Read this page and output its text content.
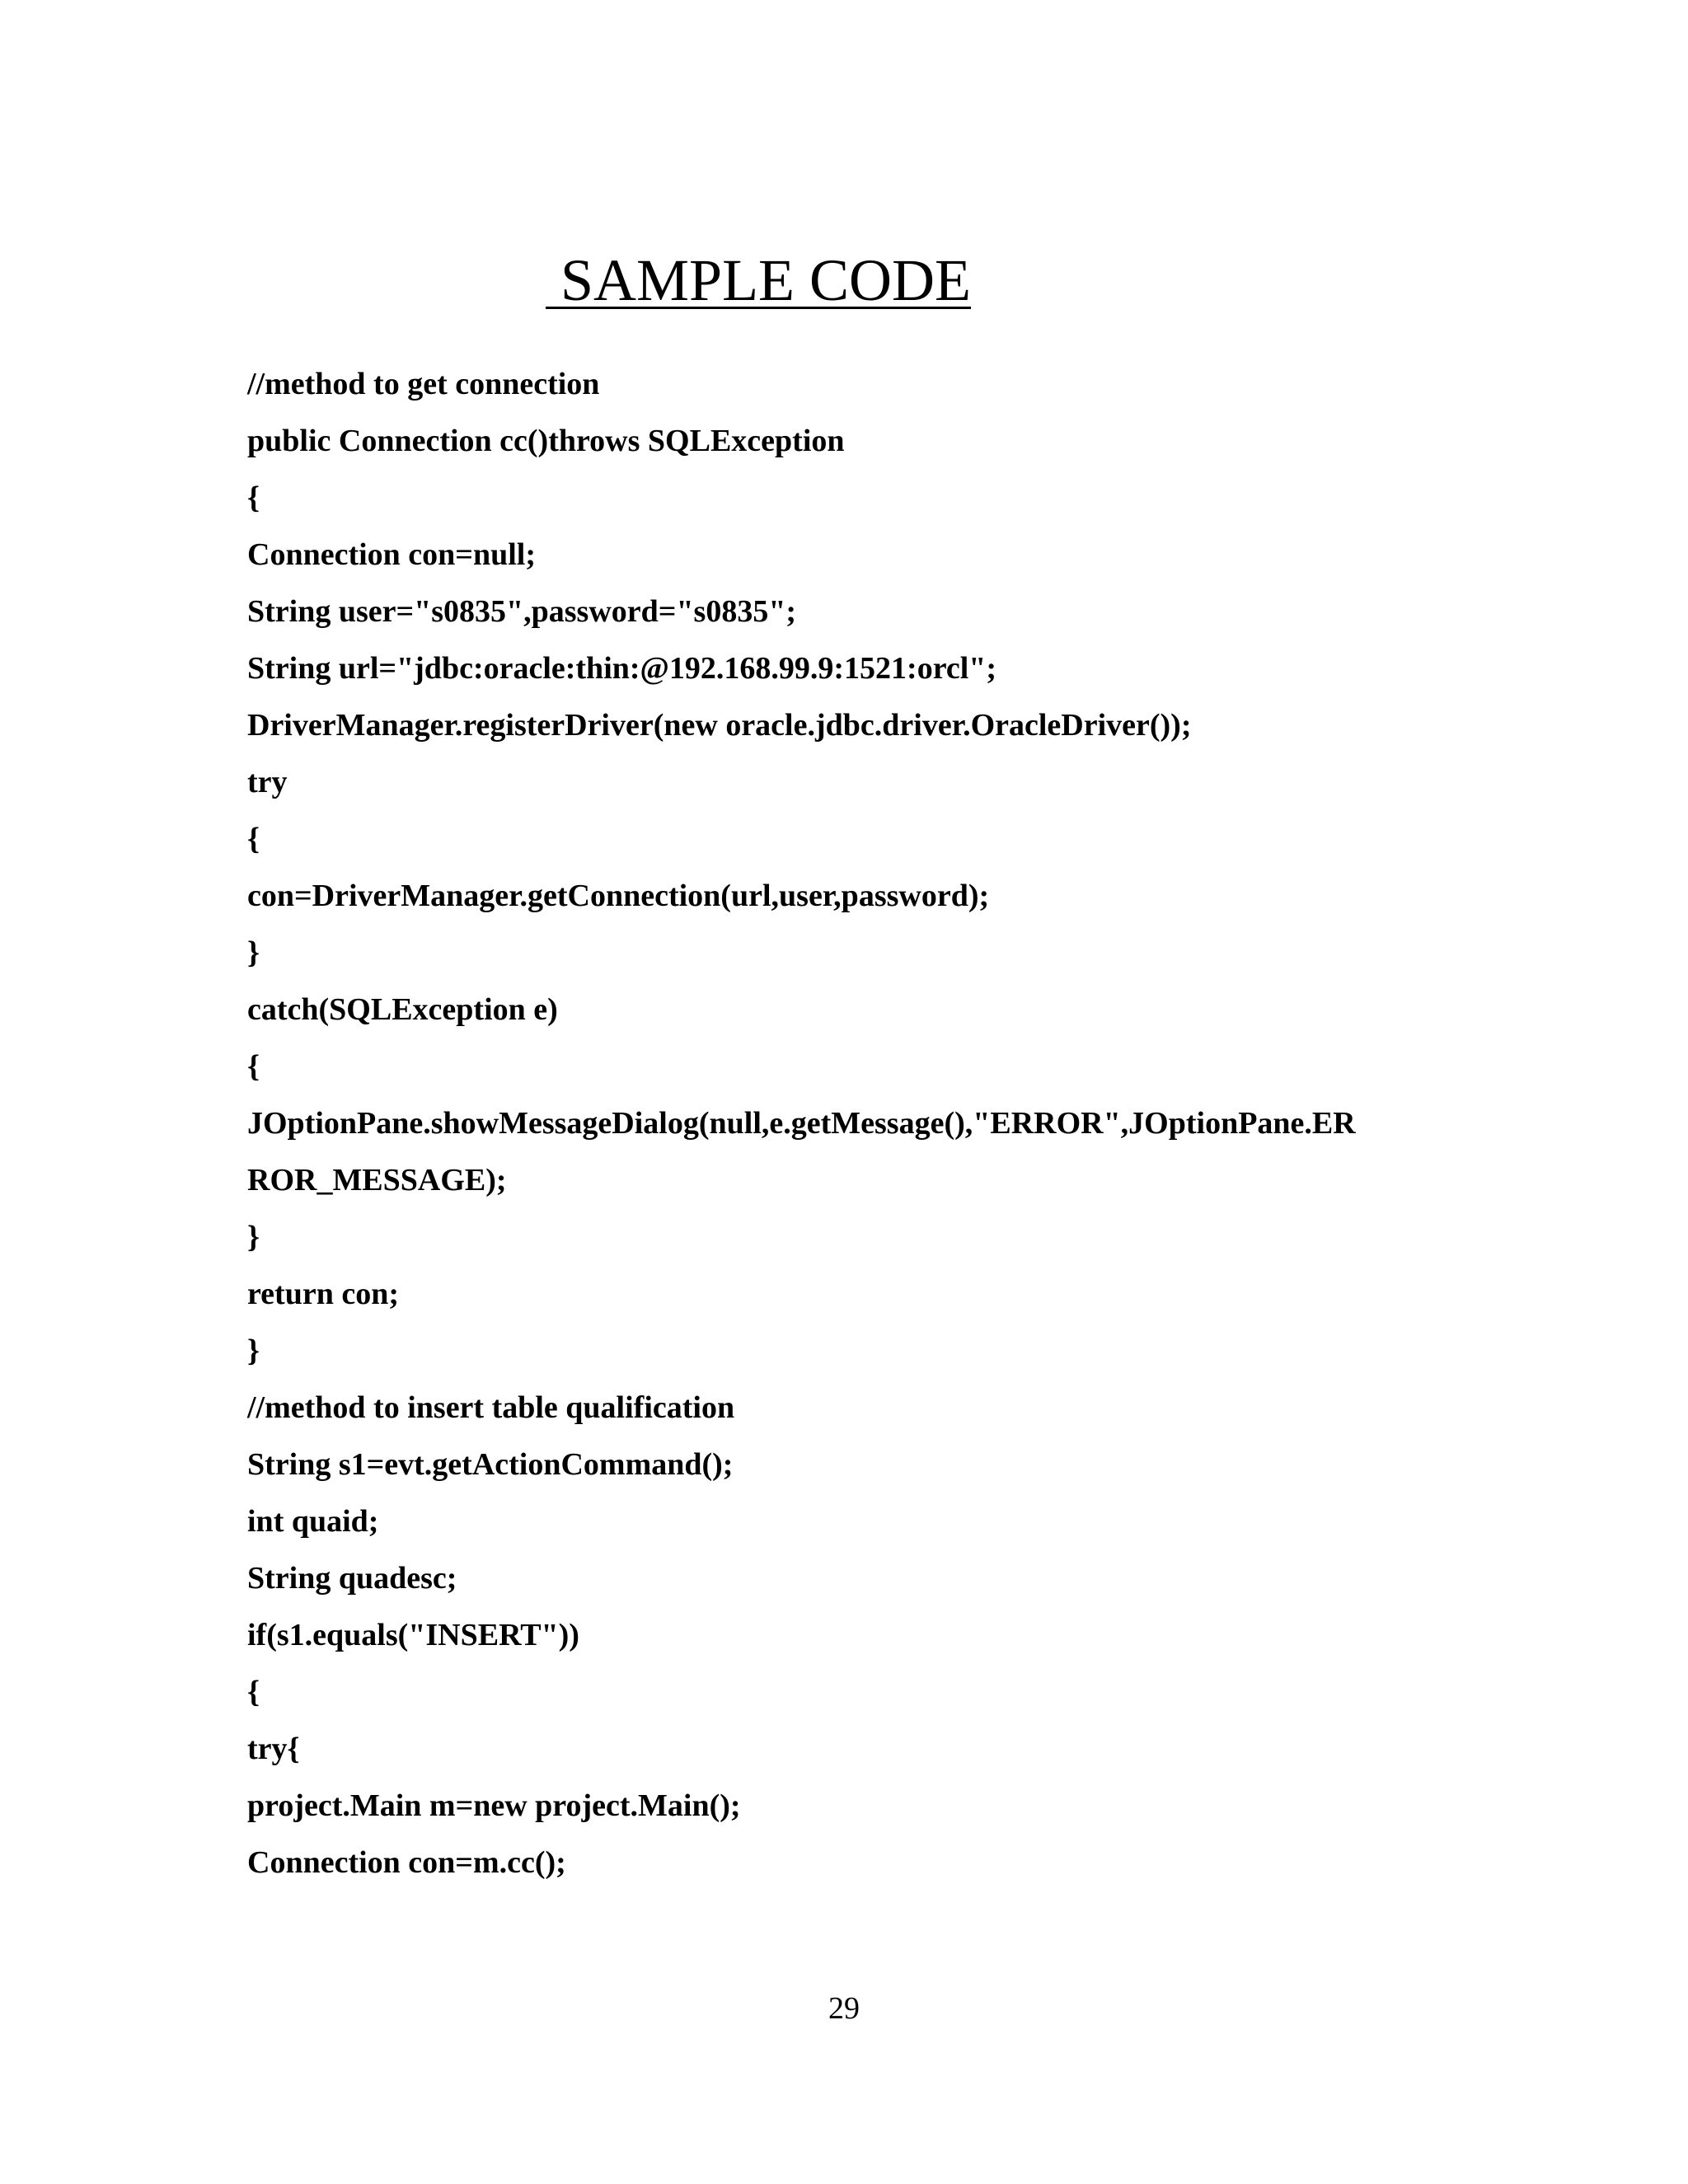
SAMPLE CODE
//method to get connection
public Connection cc()throws SQLException
{
Connection con=null;
String user="s0835",password="s0835";
String url="jdbc:oracle:thin:@192.168.99.9:1521:orcl";
DriverManager.registerDriver(new oracle.jdbc.driver.OracleDriver());
try
{
con=DriverManager.getConnection(url,user,password);
}
catch(SQLException e)
{
JOptionPane.showMessageDialog(null,e.getMessage(),"ERROR",JOptionPane.ER
ROR_MESSAGE);
}
return con;
}
//method to insert table qualification
String s1=evt.getActionCommand();
int quaid;
String quadesc;
if(s1.equals("INSERT"))
{
try{
project.Main m=new project.Main();
Connection con=m.cc();
29
